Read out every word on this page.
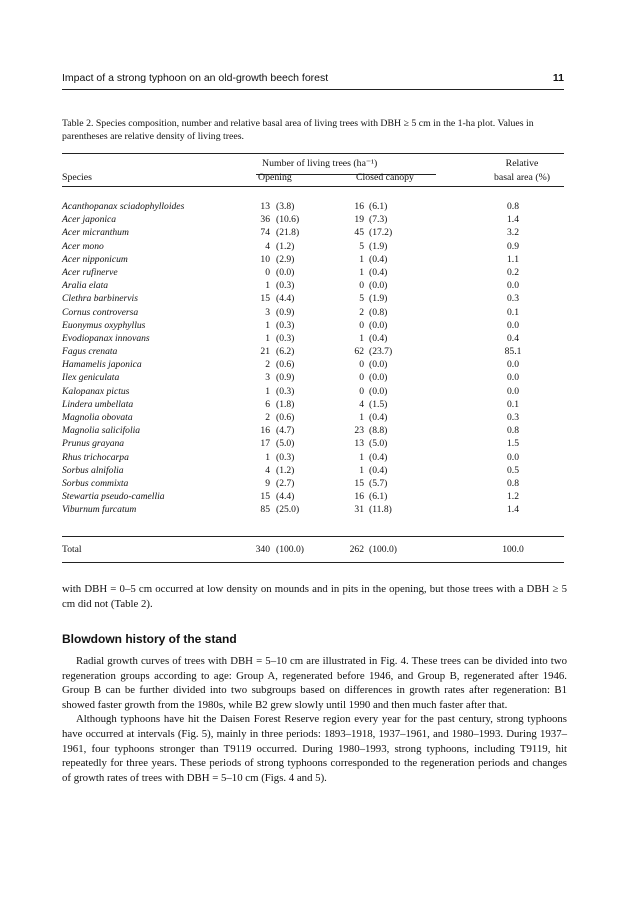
Impact of a strong typhoon on an old-growth beech forest	11
Table 2. Species composition, number and relative basal area of living trees with DBH ≥ 5 cm in the 1-ha plot. Values in parentheses are relative density of living trees.
Number of living trees (ha⁻¹)	Relative
Species	Opening	Closed canopy	basal area (%)
Acanthopanax sciadophylloides	13 (3.8)	16 (6.1)	0.8
Acer japonica	36 (10.6)	19 (7.3)	1.4
Acer micranthum	74 (21.8)	45 (17.2)	3.2
Acer mono	4 (1.2)	5 (1.9)	0.9
Acer nipponicum	10 (2.9)	1 (0.4)	1.1
Acer rufinerve	0 (0.0)	1 (0.4)	0.2
Aralia elata	1 (0.3)	0 (0.0)	0.0
Clethra barbinervis	15 (4.4)	5 (1.9)	0.3
Cornus controversa	3 (0.9)	2 (0.8)	0.1
Euonymus oxyphyllus	1 (0.3)	0 (0.0)	0.0
Evodiopanax innovans	1 (0.3)	1 (0.4)	0.4
Fagus crenata	21 (6.2)	62 (23.7)	85.1
Hamamelis japonica	2 (0.6)	0 (0.0)	0.0
Ilex geniculata	3 (0.9)	0 (0.0)	0.0
Kalopanax pictus	1 (0.3)	0 (0.0)	0.0
Lindera umbellata	6 (1.8)	4 (1.5)	0.1
Magnolia obovata	2 (0.6)	1 (0.4)	0.3
Magnolia salicifolia	16 (4.7)	23 (8.8)	0.8
Prunus grayana	17 (5.0)	13 (5.0)	1.5
Rhus trichocarpa	1 (0.3)	1 (0.4)	0.0
Sorbus alnifolia	4 (1.2)	1 (0.4)	0.5
Sorbus commixta	9 (2.7)	15 (5.7)	0.8
Stewartia pseudo-camellia	15 (4.4)	16 (6.1)	1.2
Viburnum furcatum	85 (25.0)	31 (11.8)	1.4
Total	340 (100.0)	262 (100.0)	100.0

with DBH = 0–5 cm occurred at low density on mounds and in pits in the opening, but those trees with a DBH ≥ 5 cm did not (Table 2).

Blowdown history of the stand

Radial growth curves of trees with DBH = 5–10 cm are illustrated in Fig. 4. These trees can be divided into two regeneration groups according to age: Group A, regenerated before 1946, and Group B, regenerated after 1946. Group B can be further divided into two subgroups based on differences in growth rates after regeneration: B1 showed faster growth from the 1980s, while B2 grew slowly until 1990 and then much faster after that.

Although typhoons have hit the Daisen Forest Reserve region every year for the past century, strong typhoons have occurred at intervals (Fig. 5), mainly in three periods: 1893–1918, 1937–1961, and 1980–1993. During 1937–1961, four typhoons stronger than T9119 occurred. During 1980–1993, strong typhoons, including T9119, hit repeatedly for three years. These periods of strong typhoons corresponded to the regeneration periods and changes of growth rates of trees with DBH = 5–10 cm (Figs. 4 and 5).
